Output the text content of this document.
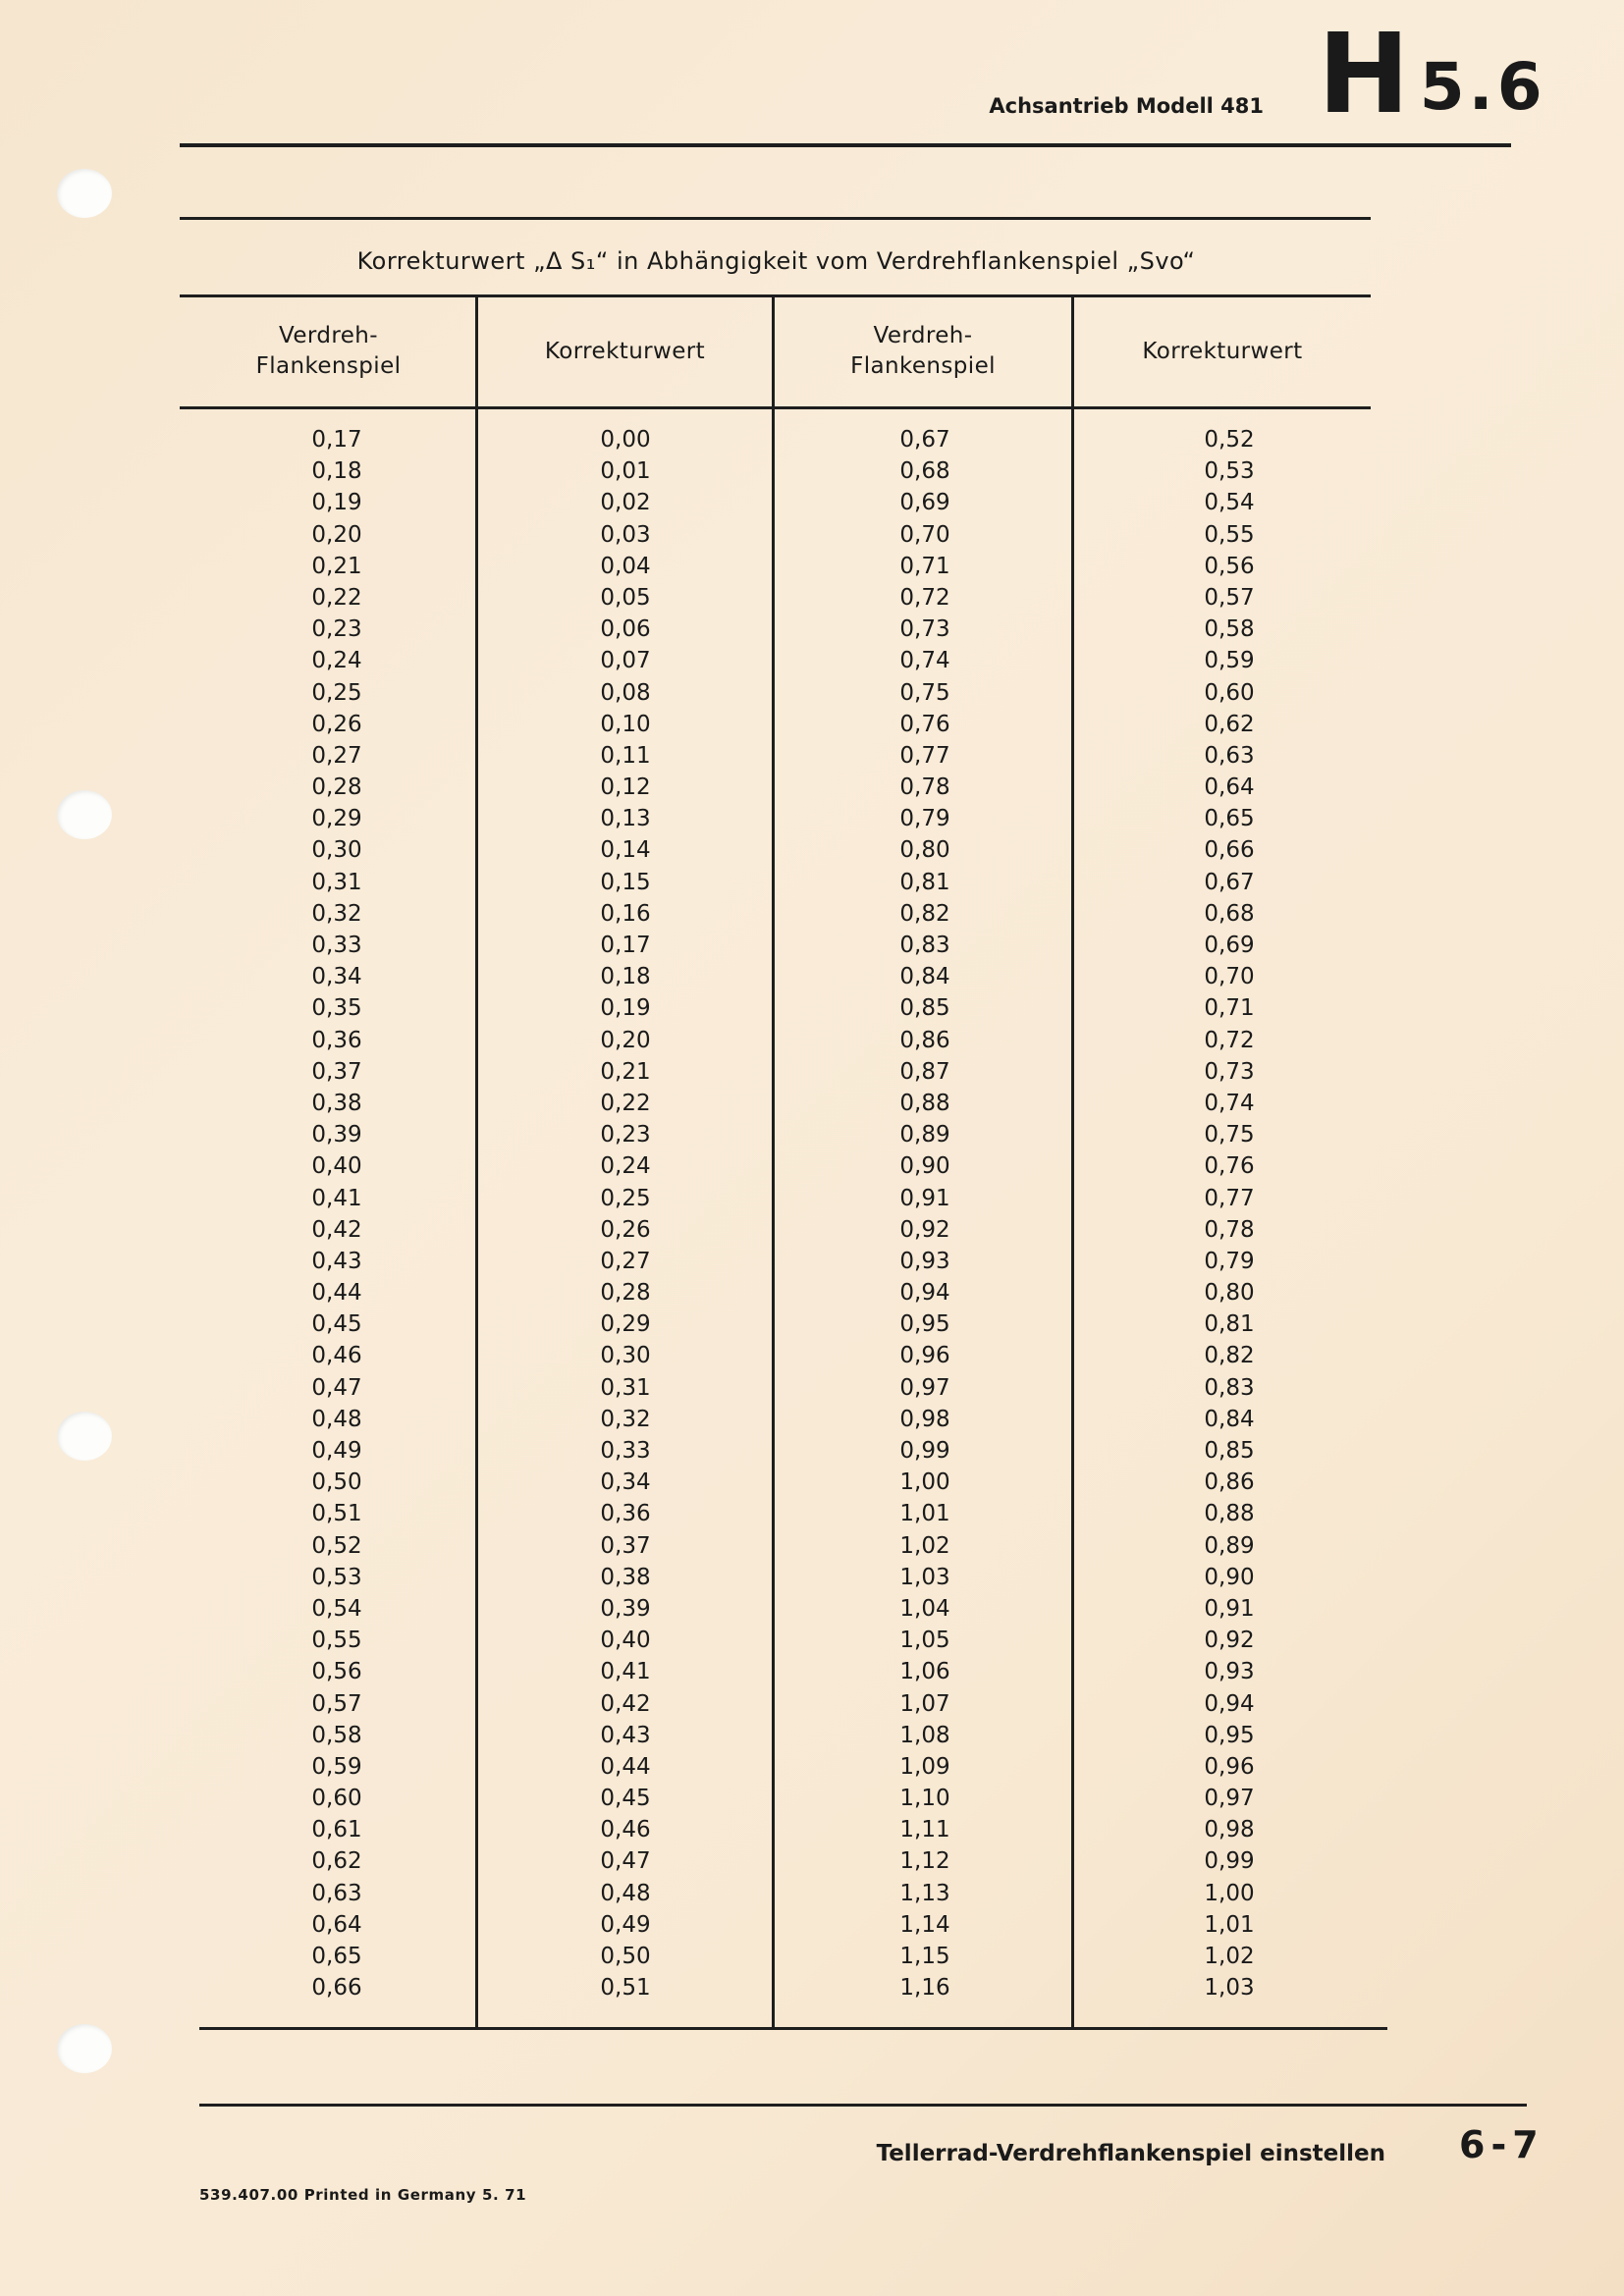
Achsantrieb Modell 481 H 5.6
Korrekturwert „Δ S₁“ in Abhängigkeit vom Verdrehflankenspiel „Svo“
Verdreh-
Flankenspiel
Korrekturwert
Verdreh-
Flankenspiel
Korrekturwert
0,17
0,18
0,19
0,20
0,21
0,22
0,23
0,24
0,25
0,26
0,27
0,28
0,29
0,30
0,31
0,32
0,33
0,34
0,35
0,36
0,37
0,38
0,39
0,40
0,41
0,42
0,43
0,44
0,45
0,46
0,47
0,48
0,49
0,50
0,51
0,52
0,53
0,54
0,55
0,56
0,57
0,58
0,59
0,60
0,61
0,62
0,63
0,64
0,65
0,66
0,00
0,01
0,02
0,03
0,04
0,05
0,06
0,07
0,08
0,10
0,11
0,12
0,13
0,14
0,15
0,16
0,17
0,18
0,19
0,20
0,21
0,22
0,23
0,24
0,25
0,26
0,27
0,28
0,29
0,30
0,31
0,32
0,33
0,34
0,36
0,37
0,38
0,39
0,40
0,41
0,42
0,43
0,44
0,45
0,46
0,47
0,48
0,49
0,50
0,51
0,67
0,68
0,69
0,70
0,71
0,72
0,73
0,74
0,75
0,76
0,77
0,78
0,79
0,80
0,81
0,82
0,83
0,84
0,85
0,86
0,87
0,88
0,89
0,90
0,91
0,92
0,93
0,94
0,95
0,96
0,97
0,98
0,99
1,00
1,01
1,02
1,03
1,04
1,05
1,06
1,07
1,08
1,09
1,10
1,11
1,12
1,13
1,14
1,15
1,16
0,52
0,53
0,54
0,55
0,56
0,57
0,58
0,59
0,60
0,62
0,63
0,64
0,65
0,66
0,67
0,68
0,69
0,70
0,71
0,72
0,73
0,74
0,75
0,76
0,77
0,78
0,79
0,80
0,81
0,82
0,83
0,84
0,85
0,86
0,88
0,89
0,90
0,91
0,92
0,93
0,94
0,95
0,96
0,97
0,98
0,99
1,00
1,01
1,02
1,03
Tellerrad-Verdrehflankenspiel einstellen 6-7
539.407.00 Printed in Germany 5. 71
